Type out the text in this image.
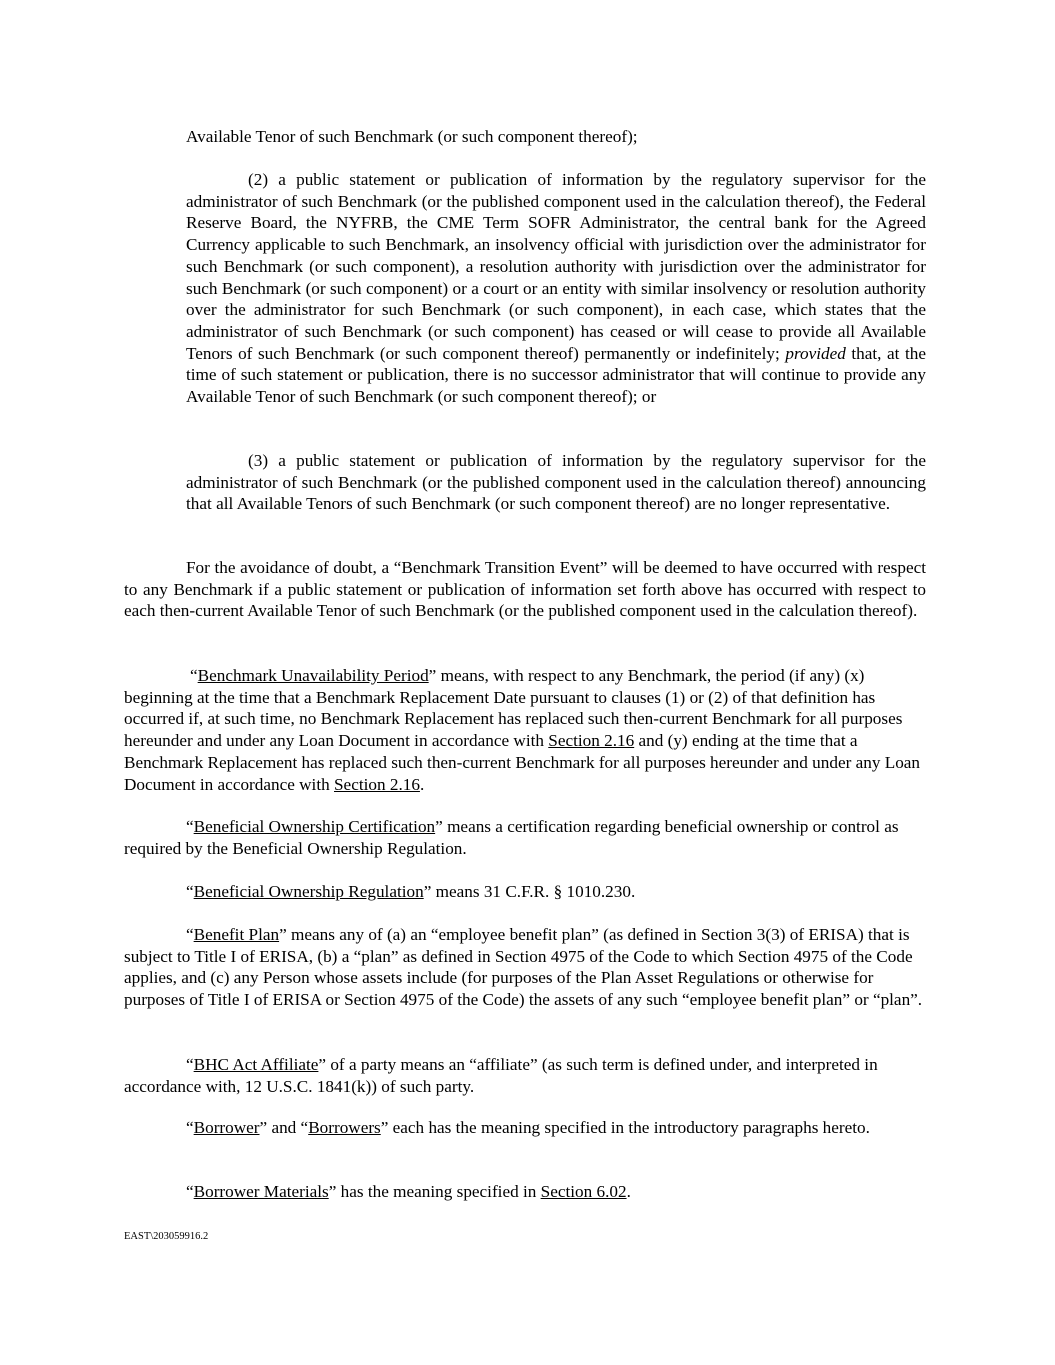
Available Tenor of such Benchmark (or such component thereof);

(2) a public statement or publication of information by the regulatory supervisor for the administrator of such Benchmark (or the published component used in the calculation thereof), the Federal Reserve Board, the NYFRB, the CME Term SOFR Administrator, the central bank for the Agreed Currency applicable to such Benchmark, an insolvency official with jurisdiction over the administrator for such Benchmark (or such component), a resolution authority with jurisdiction over the administrator for such Benchmark (or such component) or a court or an entity with similar insolvency or resolution authority over the administrator for such Benchmark (or such component), in each case, which states that the administrator of such Benchmark (or such component) has ceased or will cease to provide all Available Tenors of such Benchmark (or such component thereof) permanently or indefinitely; provided that, at the time of such statement or publication, there is no successor administrator that will continue to provide any Available Tenor of such Benchmark (or such component thereof); or

(3) a public statement or publication of information by the regulatory supervisor for the administrator of such Benchmark (or the published component used in the calculation thereof) announcing that all Available Tenors of such Benchmark (or such component thereof) are no longer representative.

For the avoidance of doubt, a “Benchmark Transition Event” will be deemed to have occurred with respect to any Benchmark if a public statement or publication of information set forth above has occurred with respect to each then-current Available Tenor of such Benchmark (or the published component used in the calculation thereof).

“Benchmark Unavailability Period” means, with respect to any Benchmark, the period (if any) (x) beginning at the time that a Benchmark Replacement Date pursuant to clauses (1) or (2) of that definition has occurred if, at such time, no Benchmark Replacement has replaced such then-current Benchmark for all purposes hereunder and under any Loan Document in accordance with Section 2.16 and (y) ending at the time that a Benchmark Replacement has replaced such then-current Benchmark for all purposes hereunder and under any Loan Document in accordance with Section 2.16.

“Beneficial Ownership Certification” means a certification regarding beneficial ownership or control as required by the Beneficial Ownership Regulation.

“Beneficial Ownership Regulation” means 31 C.F.R. § 1010.230.

“Benefit Plan” means any of (a) an “employee benefit plan” (as defined in Section 3(3) of ERISA) that is subject to Title I of ERISA, (b) a “plan” as defined in Section 4975 of the Code to which Section 4975 of the Code applies, and (c) any Person whose assets include (for purposes of the Plan Asset Regulations or otherwise for purposes of Title I of ERISA or Section 4975 of the Code) the assets of any such “employee benefit plan” or “plan”.

“BHC Act Affiliate” of a party means an “affiliate” (as such term is defined under, and interpreted in accordance with, 12 U.S.C. 1841(k)) of such party.

“Borrower” and “Borrowers” each has the meaning specified in the introductory paragraphs hereto.

“Borrower Materials” has the meaning specified in Section 6.02.

EAST\203059916.2
